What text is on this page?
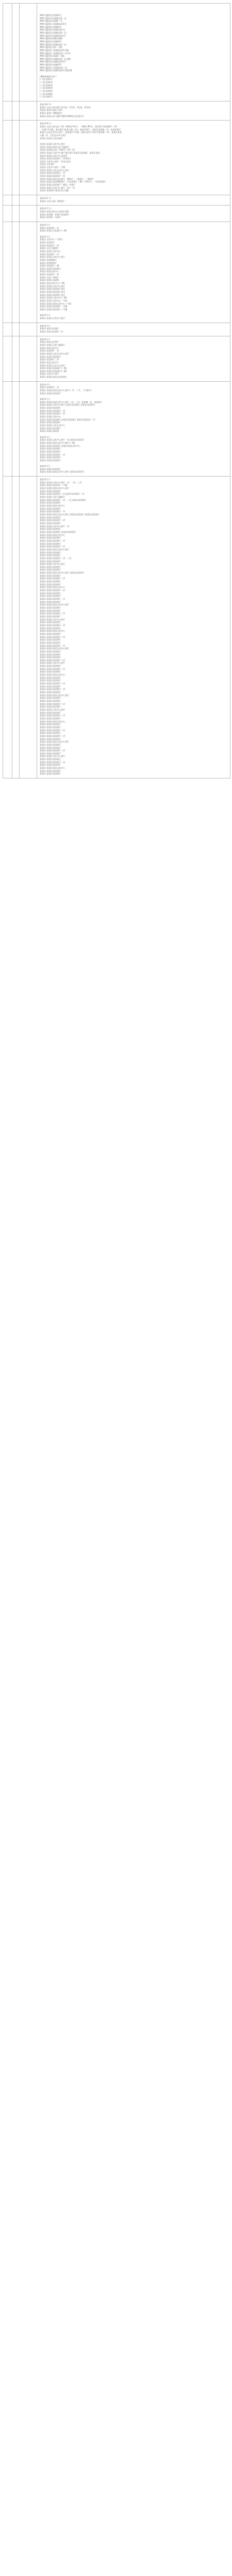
博物大厦西区出图楼1号
博物大厦东区出园路北段一区
博物大厦西区出园路一号
博物大厦西区 出园路北段1号
博物大厦西区出图楼3号
博物大厦西区出园路北段-区
博物大厦西区出园路北段一区
博物大厦西区出园路北段1号
博物大厦西区南楼出园路
博物大厦西区出园路3号
博物大厦西区出园路北段一区
博物大厦西区北段一号院
博物大厦西区 出园路北段1号楼
博物大厦西区 出园路北段一区3号
博物大厦西区出园路一号院
博物大厦西区出园路北段一区北楼
博物大厦西区出园路北段1号
博物大厦西区出园路3号
博物大厦西区 出园路北段一区
博物大厦西区出园路北段1号楼北侧
(博物馆展馆分布 )
(二)区北街(1)
(二)区北街(2)
(二)区北街(3)
(二)区北街(4)
(二)区北街(5)
(二)区北街(6)
(二)区北街(7)
某某市(2个):
某某区:文化公园内展厅(1号馆、2号馆、3号馆、4号馆)
丛馆区:某某公园北门展厅
某某区:某某广场B座展厅
某某区:某某文化大厦1号楼5层博物馆文化展示厅
某某市(4个):
某某区:文化公园文化广场(一期)展厅A1号、一期展厅B1号、南区展厅(某某楼宇一层)
一号展厅1号楼、南区展厅(某某大厦一层)、某某区展厅、某某区某某楼一层、某某某展厅
某某区:文化艺术中心展厅、某某展厅1号楼、某某文化中心展厅(某某楼一层)、某某区某某
大厦一层、文化艺术中心展厅
丛馆区:某某区文化馆展厅
丛馆区:某某区文化中心展厅
丛馆区:某某区某某文化大厦展厅
丛馆区:某某某文化广场展厅(二期二层)
丛馆区:某某区文化中心展厅南区展厅某某区(某某楼)、某某区某某
某某市:某某区文化中心某某馆
丛馆区:某某区某某展厅二层(南区)
丛馆区:文化中心展厅一层(东北区)
丛馆区:文化展厅
丛馆区:文化中心展厅一号楼
丛馆区:某某区文化艺术中心展厅
丛馆区:某某区某某展厅一层
丛馆区:某某区某某展厅一层
丛馆区:某某区某某文化展厅一期展厅、二期展厅、三期展厅
丛馆区:某某区某某博物展厅一层某某展厅二期(一号展厅)、二层某某展厅
丛馆区:某某区某某展厅二楼及一层展厅
丛馆区:某某区文化中心展厅二层(一号)
丛馆区:某某展厅(某某文化大厦)
某某市(1个):
某某区:文化公园(二期)展厅
某某市(7个):
某某区:某某文化中心(某某大厦)
某某区:某某楼一层展厅某某展厅
某某区:某某馆一号展厅
某某市(个):
某某区:某某展区一层
某某区:某某区文化展厅(二期)
某某市(个):
某某区:文化中心一号展厅
某某区:某某展厅
某某区:某某展厅二层
某某区:文化大厦展厅
某某区:某某区文化中心
某某区:某某展厅一层
某某区:某某区文化中心展厅
某某区:某某楼展厅
某某区:某某馆展厅
某某区:某某展厅一楼
某某区:某某区某某展厅
某某区:某某文化中心
某某区:某某展厅二层
某某区:文化广场展厅
某某区:某某区某某馆
某某区:某某文化中心(一期)
某某区:某某区文化中心展厅
某某区:某某区某某展厅南区
某某区:某某区某某展厅北区
某某区:某某区某某展厅东区
某某区:某某区文化中心(二期)
某某区:某某区文化中心一号馆
某某区:某某区某某文化中心二号馆
某某区:某某区某某展厅一号楼
某某区:某某区某某展厅二号楼
某某市(个):
某某区:某某区文化中心展厅
某某市(个):
某某区:某某文化展区
某某区:某某文化展区二层
某某市(个):
某某区:某某文化展厅
某某区:某某区文化大厦展厅
某某区:某某文化中心
某某区:某某展厅一层
某某区:某某区文化艺术中心展厅
某某区:某某区某某展厅
某某区:某某展厅二层
某某区:某某文化中心
某某区:某某区文化中心展厅
某某区:某某区某某展厅(一期)
某某区:某某区某某展厅(二期)
某某区:文化中心展厅
某某区:某某区某某文化馆展厅
某某市(个):
某某区:某某展厅一层
某某区:某某区某某文化中心展厅(一号、二号、三号展厅)
某某区:某某区某某展厅
某某市(个):
某某区:某某区某某文化中心展厅一层、二层、某某楼一层、某某展厅
某某区:某某区文化中心展厅,某某区某某展厅,某某区某某展厅
某某区:某某区某某展厅
某某区:某某区某某展厅一层
某某区:某某区某某展厅二层
某某区:某某区文化中心
某某区:某某区某某展厅,某某区某某展厅,某某区某某展厅一层
某某区:某某区某某展厅
某某区:某某区文化艺术中心
某某区:某某区某某展厅
某某区:某某区某某馆
某某市(个):
某某区:某某区文化中心展厅一层,某某区某某展厅
某某区:某某区某某文化中心展厅(二期)
某某区:某某区某某展厅,某某区某某文化中心
某某区:某某区某某展厅
某某区:某某区某某展厅
某某区:某某区某某展厅一层
某某区:某某区某某展厅
某某区:某某区某某展厅
某某市(个):
某某区:某某区某某展厅
某某区:某某区某某文化中心展厅,某某区某某展厅
某某市(个):
某某区:某某区文化中心展厅一层、二层、三层
某某区:某某区某某展厅一号楼
某某区:某某区某某文化中心展厅
某某区:某某区某某展厅
某某区:某某区某某展厅二层,某某区某某展厅一层
某某区:某某区文化大厦展厅
某某区:某某区某某展厅一层、二层,某某区某某展厅
某某区:某某区某某展厅
某某区:某某区某某文化中心
某某区:某某区某某展厅
某某区:某某区某某展厅一层
某某区:某某区某某文化中心展厅,某某区某某展厅,某某区某某展厅
某某区:某某区某某展厅
某某区:某某区某某展厅二层
某某区:某某区某某展厅
某某区:某某区文化中心展厅一层
某某区:某某区某某展厅
某某区:某某区某某展厅,某某区某某展厅
某某区:某某区某某文化中心
某某区:某某区某某展厅
某某区:某某区某某展厅一层
某某区:某某区某某展厅
某某区:某某区某某展厅二层
某某区:某某区某某文化中心展厅
某某区:某某区某某展厅
某某区:某某区某某展厅
某某区:某某区某某展厅一层、二层
某某区:某某区某某展厅
某某区:某某区文化中心展厅
某某区:某某区某某展厅
某某区:某某区某某展厅
某某区:某某区某某文化中心展厅,某某区某某展厅
某某区:某某区某某展厅
某某区:某某区某某展厅一层
某某区:某某区某某展厅
某某区:某某区某某展厅
某某区:某某区某某文化中心
某某区:某某区某某展厅二层
某某区:某某区某某展厅
某某区:某某区某某展厅
某某区:某某区某某展厅一层
某某区:某某区某某展厅
某某区:某某区某某文化中心展厅
某某区:某某区某某展厅
某某区:某某区某某展厅
某某区:某某区某某展厅二层
某某区:某某区某某展厅
某某区:某某区文化中心展厅
某某区:某某区某某展厅
某某区:某某区某某展厅一层
某某区:某某区某某展厅
某某区:某某区某某文化中心
某某区:某某区某某展厅
某某区:某某区某某展厅二层
某某区:某某区某某展厅
某某区:某某区某某展厅
某某区:某某区某某展厅一层
某某区:某某区某某文化中心展厅
某某区:某某区某某展厅
某某区:某某区某某展厅
某某区:某某区某某展厅
某某区:某某区某某展厅二层
某某区:某某区文化中心展厅
某某区:某某区某某展厅
某某区:某某区某某展厅一层
某某区:某某区某某展厅
某某区:某某区某某文化中心
某某区:某某区某某展厅
某某区:某某区某某展厅
某某区:某某区某某展厅二层
某某区:某某区某某展厅
某某区:某某区某某展厅一层
某某区:某某区某某展厅
某某区:某某区某某文化中心展厅
某某区:某某区某某展厅
某某区:某某区某某展厅
某某区:某某区某某展厅二层
某某区:某某区某某展厅
某某区:某某区文化中心展厅
某某区:某某区某某展厅
某某区:某某区某某展厅一层
某某区:某某区某某展厅
某某区:某某区某某文化中心
某某区:某某区某某展厅
某某区:某某区某某展厅
某某区:某某区某某展厅二层
某某区:某某区某某展厅
某某区:某某区某某展厅一层
某某区:某某区某某展厅
某某区:某某区某某文化中心展厅
某某区:某某区某某展厅
某某区:某某区某某展厅
某某区:某某区某某展厅二层
某某区:某某区某某展厅
某某区:某某区文化中心展厅
某某区:某某区某某展厅
某某区:某某区某某展厅一层
某某区:某某区某某展厅
某某区:某某区某某文化中心
某某区:某某区某某展厅
某某区:某某区某某展厅
